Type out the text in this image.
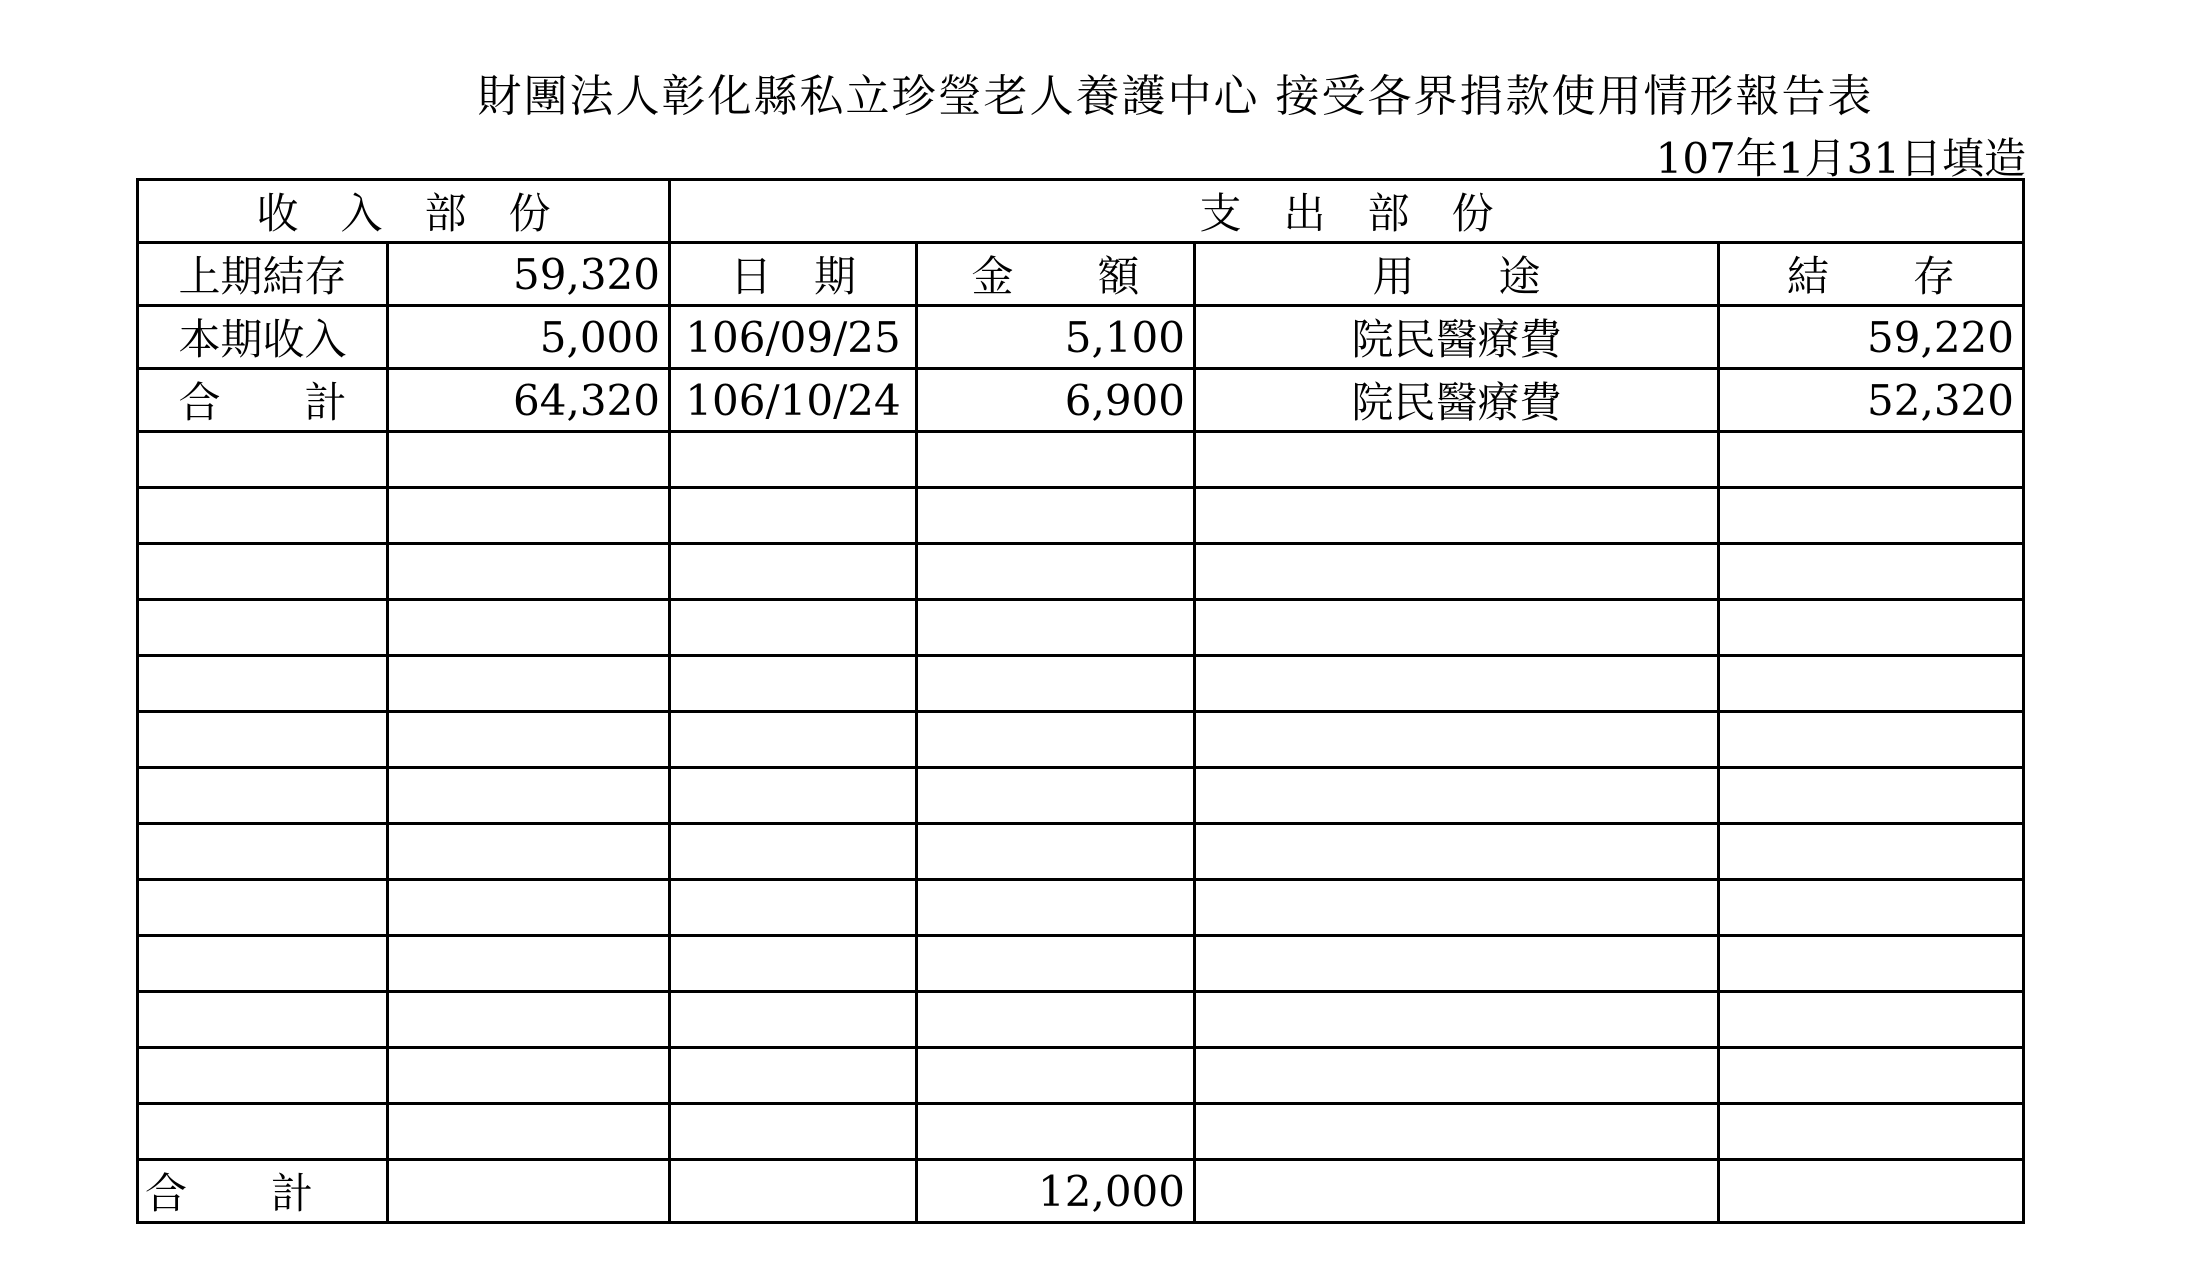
財團法人彰化縣私立珍瑩老人養護中心 接受各界捐款使用情形報告表
107年1月31日填造
收　入　部　份		支　出　部　份			
上期結存	59,320	日　期	金　　額	用　　途	結　　存
本期收入	5,000	106/09/25	5,100	院民醫療費	59,220
合　　計	64,320	106/10/24	6,900	院民醫療費	52,320

合　　計			12,000		
